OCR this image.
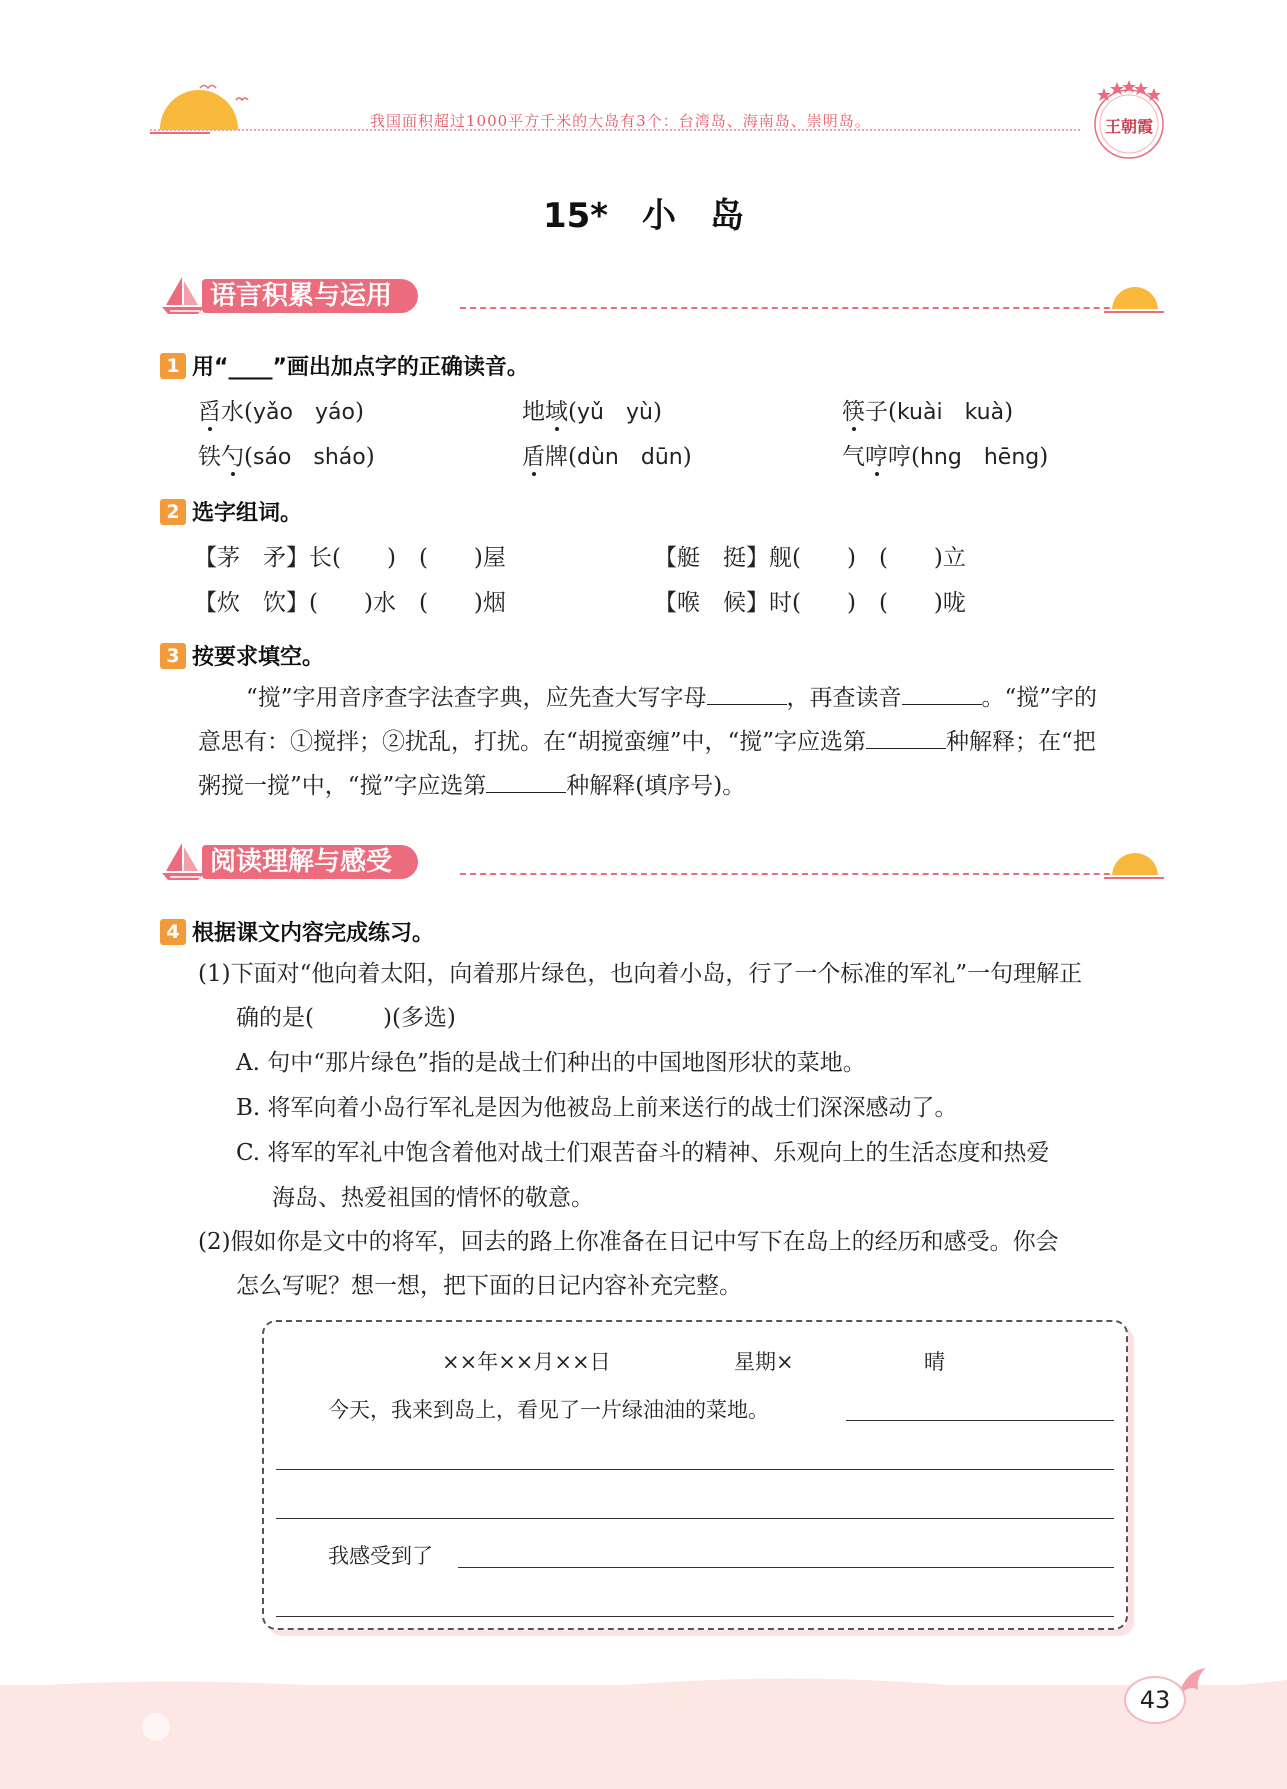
我国面积超过1000平方千米的大岛有3个：台湾岛、海南岛、崇明岛。	王朝霞
15*　小　岛
语言积累与运用
1 用“____”画出加点字的正确读音。
舀水(yǎo　 yáo)	地域(yǔ　 yù)	筷子(kuài　 kuà)
铁勺(sáo　 sháo)	盾牌(dùn　 dūn)	气哼哼(hng　 hēng)
2 选字组词。
【茅　矛】长(　　)　(　　)屋	【艇　挺】舰(　　)　(　　)立
【炊　饮】(　　)水　(　　)烟	【喉　候】时(　　)　(　　)咙
3 按要求填空。
“搅”字用音序查字法查字典，应先查大写字母	，再查读音	。“搅”字的
意思有：①搅拌；②扰乱，打扰。在“胡搅蛮缠”中，“搅”字应选第	种解释；在“把
粥搅一搅”中，“搅”字应选第	种解释(填序号)。
阅读理解与感受
4 根据课文内容完成练习。
(1)下面对“他向着太阳，向着那片绿色，也向着小岛，行了一个标准的军礼”一句理解正
确的是(　　　)(多选)
A. 句中“那片绿色”指的是战士们种出的中国地图形状的菜地。
B. 将军向着小岛行军礼是因为他被岛上前来送行的战士们深深感动了。
C. 将军的军礼中饱含着他对战士们艰苦奋斗的精神、乐观向上的生活态度和热爱
海岛、热爱祖国的情怀的敬意。
(2)假如你是文中的将军，回去的路上你准备在日记中写下在岛上的经历和感受。你会
怎么写呢？想一想，把下面的日记内容补充完整。
××年××月××日	星期×	晴
今天，我来到岛上，看见了一片绿油油的菜地。
我感受到了
43
